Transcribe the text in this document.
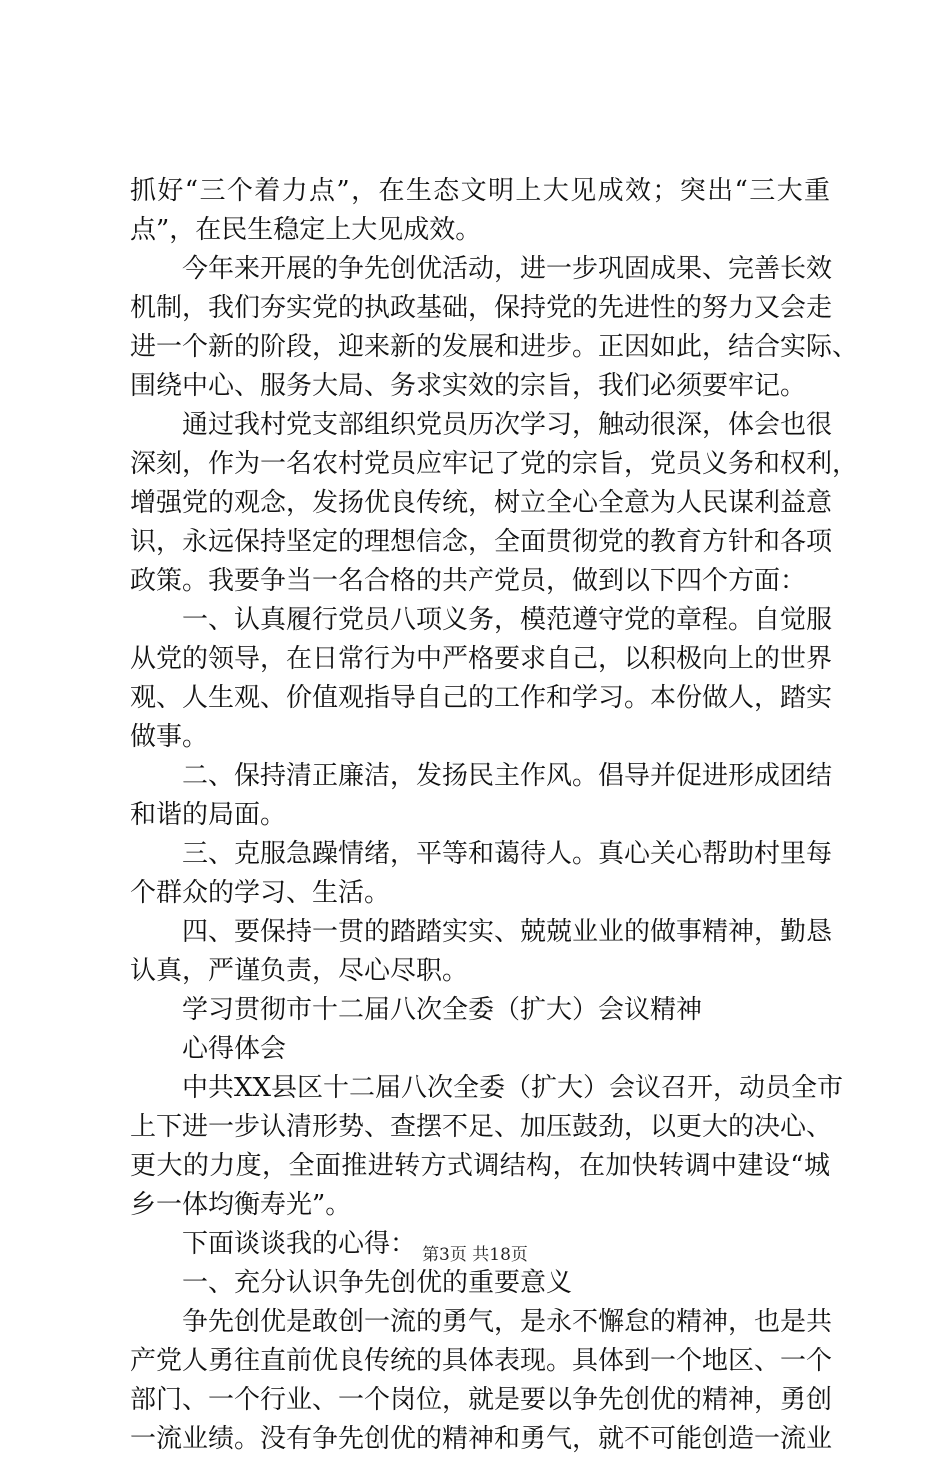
抓好“三个着力点”，在生态文明上大见成效；突出“三大重
点”，在民生稳定上大见成效。
　　今年来开展的争先创优活动，进一步巩固成果、完善长效
机制，我们夯实党的执政基础，保持党的先进性的努力又会走
进一个新的阶段，迎来新的发展和进步。正因如此，结合实际、
围绕中心、服务大局、务求实效的宗旨，我们必须要牢记。
　　通过我村党支部组织党员历次学习，触动很深，体会也很
深刻，作为一名农村党员应牢记了党的宗旨，党员义务和权利，
增强党的观念，发扬优良传统，树立全心全意为人民谋利益意
识，永远保持坚定的理想信念，全面贯彻党的教育方针和各项
政策。我要争当一名合格的共产党员，做到以下四个方面：
　　一、认真履行党员八项义务，模范遵守党的章程。自觉服
从党的领导，在日常行为中严格要求自己，以积极向上的世界
观、人生观、价值观指导自己的工作和学习。本份做人，踏实
做事。
　　二、保持清正廉洁，发扬民主作风。倡导并促进形成团结
和谐的局面。
　　三、克服急躁情绪，平等和蔼待人。真心关心帮助村里每
个群众的学习、生活。
　　四、要保持一贯的踏踏实实、兢兢业业的做事精神，勤恳
认真，严谨负责，尽心尽职。
　　学习贯彻市十二届八次全委（扩大）会议精神
　　心得体会
　　中共XX县区十二届八次全委（扩大）会议召开，动员全市
上下进一步认清形势、查摆不足、加压鼓劲，以更大的决心、
更大的力度，全面推进转方式调结构，在加快转调中建设“城
乡一体均衡寿光”。
　　下面谈谈我的心得：
　　一、充分认识争先创优的重要意义
　　争先创优是敢创一流的勇气，是永不懈怠的精神，也是共
产党人勇往直前优良传统的具体表现。具体到一个地区、一个
部门、一个行业、一个岗位，就是要以争先创优的精神，勇创
一流业绩。没有争先创优的精神和勇气，就不可能创造一流业
第3页 共18页
